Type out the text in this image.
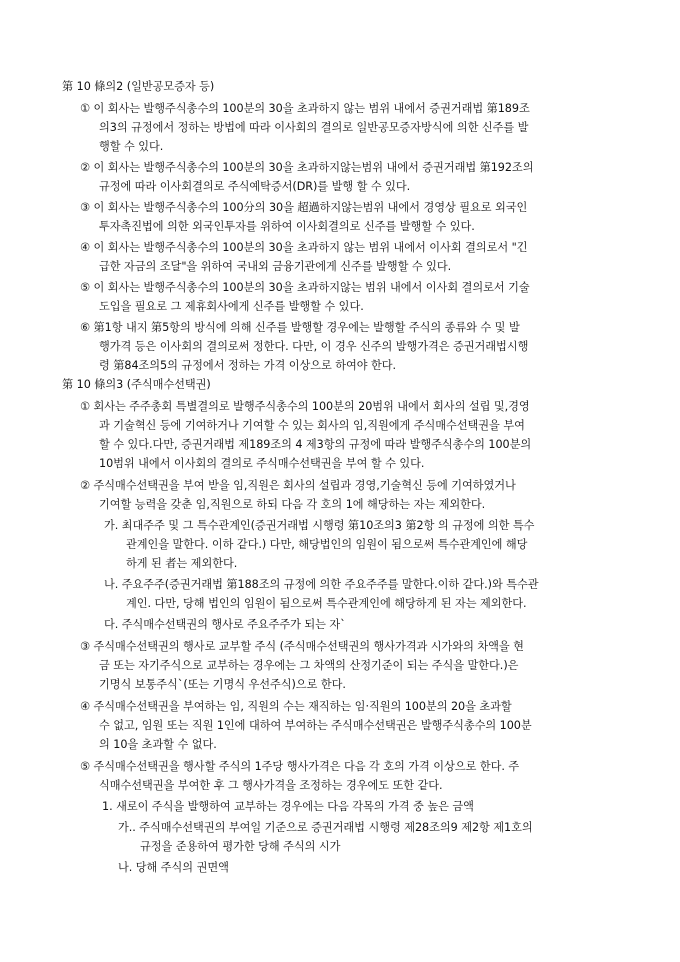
第 10 條의2 (일반공모증자 등)
① 이 회사는 발행주식총수의 100분의 30을 초과하지 않는 범위 내에서 증권거래법 第189조
의3의 규정에서 정하는 방법에 따라 이사회의 결의로 일반공모증자방식에 의한 신주를 발
행할 수 있다.
② 이 회사는 발행주식총수의 100분의 30을 초과하지않는범위 내에서 증권거래법 第192조의
규정에 따라 이사회결의로 주식예탁증서(DR)를 발행 할 수 있다.
③ 이 회사는 발행주식총수의 100分의 30을 超過하지않는범위 내에서 경영상 필요로 외국인
투자촉진법에 의한 외국인투자를 위하여 이사회결의로 신주를 발행할 수 있다.
④ 이 회사는 발행주식총수의 100분의 30을 초과하지 않는 범위 내에서 이사회 결의로서 "긴
급한 자금의 조달"을 위하여 국내외 금융기관에게 신주를 발행할 수 있다.
⑤ 이 회사는 발행주식총수의 100분의 30을 초과하지않는 범위 내에서 이사회 결의로서 기술
도입을 필요로 그 제휴회사에게 신주를 발행할 수 있다.
⑥ 第1항 내지 第5항의 방식에 의해 신주를 발행할 경우에는 발행할 주식의 종류와 수 및 발
행가격 등은 이사회의 결의로써 정한다. 다만, 이 경우 신주의 발행가격은 증권거래법시행
령 第84조의5의 규정에서 정하는 가격 이상으로 하여야 한다.
第 10 條의3 (주식매수선택권)
① 회사는 주주총회 특별결의로 발행주식총수의 100분의 20범위 내에서 회사의 설립 및,경영
과 기술혁신 등에 기여하거나 기여할 수 있는 회사의 임,직원에게 주식매수선택권을 부여
할 수 있다.다만, 증권거래법 제189조의 4 제3항의 규정에 따라 발행주식총수의 100분의
10범위 내에서 이사회의 결의로 주식매수선택권을 부여 할 수 있다.
② 주식매수선택권을 부여 받을 임,직원은 회사의 설립과 경영,기술혁신 등에 기여하였거나
기여할 능력을 갖춘 임,직원으로 하되 다음 각 호의 1에 해당하는 자는 제외한다.
가. 최대주주 및 그 특수관계인(증권거래법 시행령 第10조의3 第2항 의 규정에 의한 특수
관계인을 말한다. 이하 같다.) 다만, 해당법인의 임원이 됨으로써 특수관계인에 해당
하게 된 者는 제외한다.
나. 주요주주(증권거래법 第188조의 규정에 의한 주요주주를 말한다.이하 같다.)와 특수관
계인. 다만, 당해 법인의 임원이 됨으로써 특수관계인에 해당하게 된 자는 제외한다.
다. 주식매수선택권의 행사로 주요주주가 되는 자`
③ 주식매수선택권의 행사로 교부할 주식 (주식매수선택권의 행사가격과 시가와의 차액을 현
금 또는 자기주식으로 교부하는 경우에는 그 차액의 산정기준이 되는 주식을 말한다.)은
기명식 보통주식`(또는 기명식 우선주식)으로 한다.
④ 주식매수선택권을 부여하는 임, 직원의 수는 재직하는 임·직원의 100분의 20을 초과할
수 없고, 임원 또는 직원 1인에 대하여 부여하는 주식매수선택권은 발행주식총수의 100분
의 10을 초과할 수 없다.
⑤ 주식매수선택권을 행사할 주식의 1주당 행사가격은 다음 각 호의 가격 이상으로 한다. 주
식매수선택권을 부여한 후 그 행사가격을 조정하는 경우에도 또한 같다.
1. 새로이 주식을 발행하여 교부하는 경우에는 다음 각목의 가격 중 높은 금액
가.. 주식매수선택권의 부여일 기준으로 증권거래법 시행령 제28조의9 제2항 제1호의
규정을 준용하여 평가한 당해 주식의 시가
나. 당해 주식의 권면액
